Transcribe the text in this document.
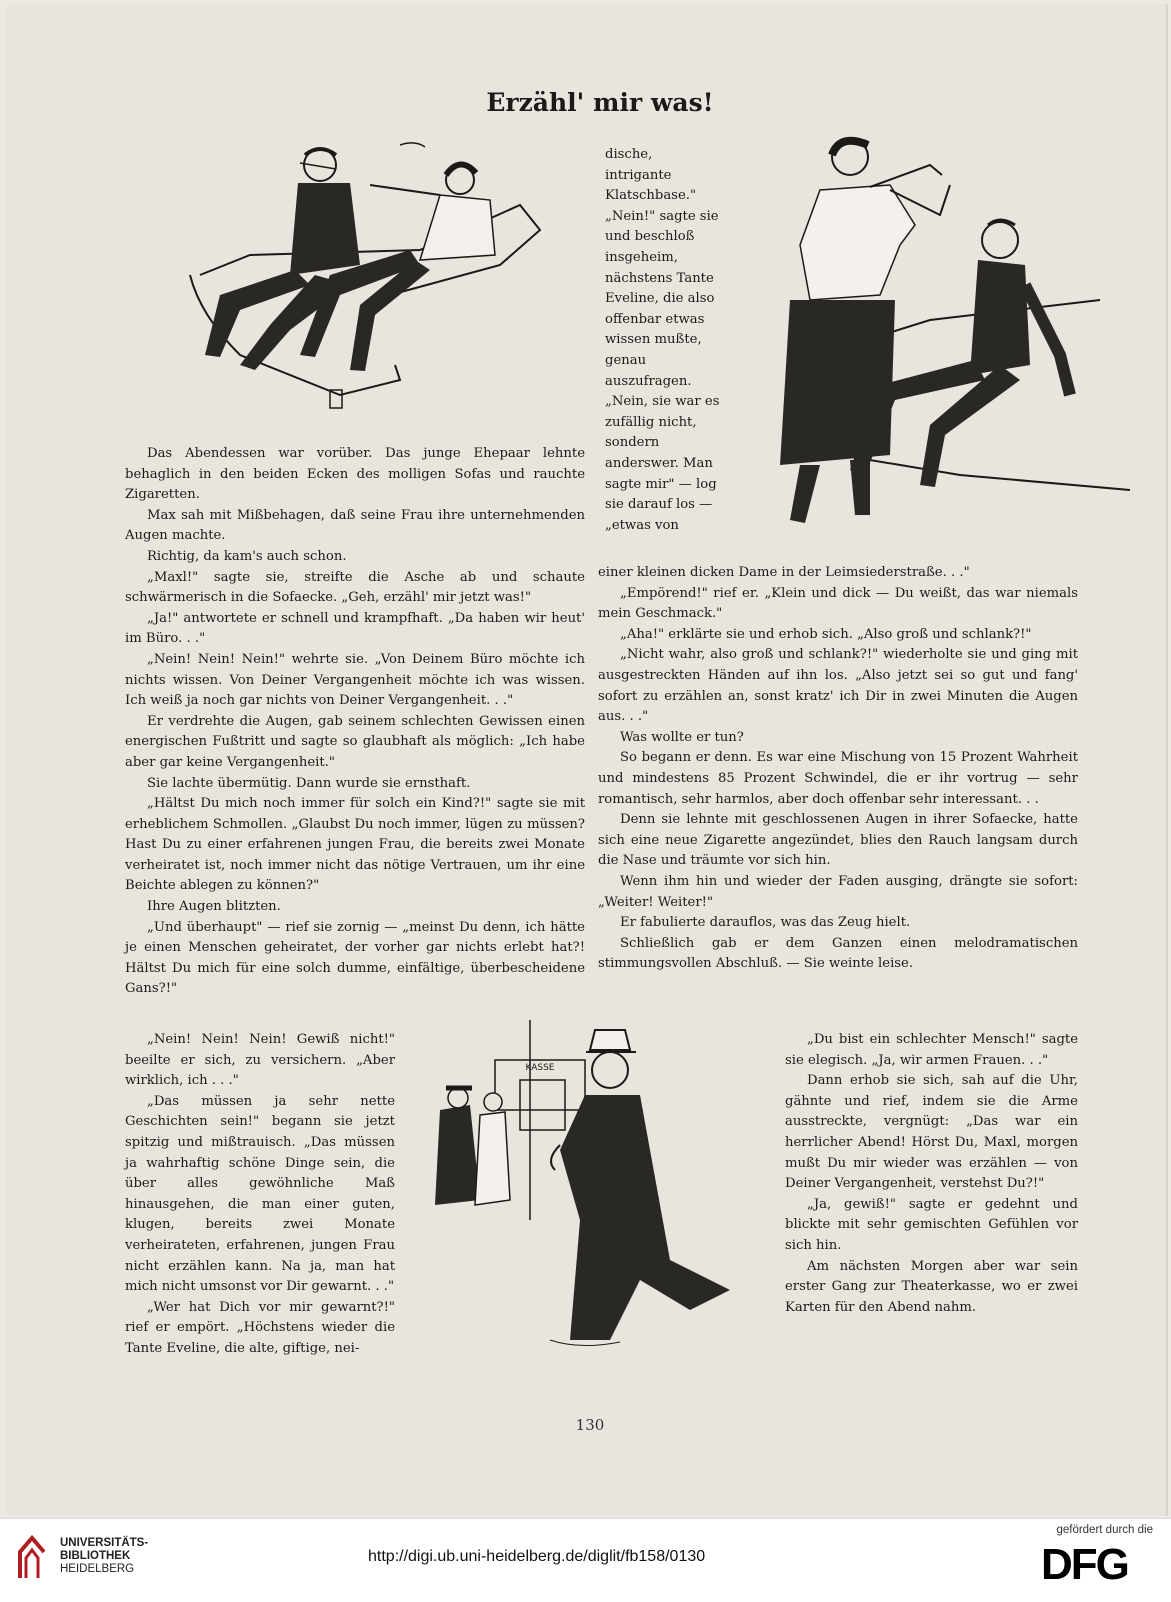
Erzähl' mir was!
KASSE

dische, intrigante Klatschbase." „Nein!" sagte sie und beschloß insgeheim, nächstens Tante Eveline, die also offenbar etwas wissen mußte, genau auszufragen. „Nein, sie war es zufällig nicht, sondern anderswer. Man sagte mir" — log sie darauf los — „etwas von

Das Abendessen war vorüber. Das junge Ehepaar lehnte behaglich in den beiden Ecken des molligen Sofas und rauchte Zigaretten.

Max sah mit Mißbehagen, daß seine Frau ihre unternehmenden Augen machte.

Richtig, da kam's auch schon.

„Maxl!" sagte sie, streifte die Asche ab und schaute schwärmerisch in die Sofaecke. „Geh, erzähl' mir jetzt was!"

„Ja!" antwortete er schnell und krampfhaft. „Da haben wir heut' im Büro. . ."

„Nein! Nein! Nein!" wehrte sie. „Von Deinem Büro möchte ich nichts wissen. Von Deiner Vergangenheit möchte ich was wissen. Ich weiß ja noch gar nichts von Deiner Vergangenheit. . ."

Er verdrehte die Augen, gab seinem schlechten Gewissen einen energischen Fußtritt und sagte so glaubhaft als möglich: „Ich habe aber gar keine Vergangenheit."

Sie lachte übermütig. Dann wurde sie ernsthaft.

„Hältst Du mich noch immer für solch ein Kind?!" sagte sie mit erheblichem Schmollen. „Glaubst Du noch immer, lügen zu müssen? Hast Du zu einer erfahrenen jungen Frau, die bereits zwei Monate verheiratet ist, noch immer nicht das nötige Vertrauen, um ihr eine Beichte ablegen zu können?"

Ihre Augen blitzten.

„Und überhaupt" — rief sie zornig — „meinst Du denn, ich hätte je einen Menschen geheiratet, der vorher gar nichts erlebt hat?! Hältst Du mich für eine solch dumme, einfältige, überbescheidene Gans?!"

einer kleinen dicken Dame in der Leimsiederstraße. . ."

„Empörend!" rief er. „Klein und dick — Du weißt, das war niemals mein Geschmack."

„Aha!" erklärte sie und erhob sich. „Also groß und schlank?!"

„Nicht wahr, also groß und schlank?!" wiederholte sie und ging mit ausgestreckten Händen auf ihn los. „Also jetzt sei so gut und fang' sofort zu erzählen an, sonst kratz' ich Dir in zwei Minuten die Augen aus. . ."

Was wollte er tun?

So begann er denn. Es war eine Mischung von 15 Prozent Wahrheit und mindestens 85 Prozent Schwindel, die er ihr vortrug — sehr romantisch, sehr harmlos, aber doch offenbar sehr interessant. . .

Denn sie lehnte mit geschlossenen Augen in ihrer Sofaecke, hatte sich eine neue Zigarette angezündet, blies den Rauch langsam durch die Nase und träumte vor sich hin.

Wenn ihm hin und wieder der Faden ausging, drängte sie sofort: „Weiter! Weiter!"

Er fabulierte darauflos, was das Zeug hielt.

Schließlich gab er dem Ganzen einen melodramatischen stimmungsvollen Abschluß. — Sie weinte leise.

„Nein! Nein! Nein! Gewiß nicht!" beeilte er sich, zu versichern. „Aber wirklich, ich . . ."

„Das müssen ja sehr nette Geschichten sein!" begann sie jetzt spitzig und mißtrauisch. „Das müssen ja wahrhaftig schöne Dinge sein, die über alles gewöhnliche Maß hinausgehen, die man einer guten, klugen, bereits zwei Monate verheirateten, erfahrenen, jungen Frau nicht erzählen kann. Na ja, man hat mich nicht umsonst vor Dir gewarnt. . ."

„Wer hat Dich vor mir gewarnt?!" rief er empört. „Höchstens wieder die Tante Eveline, die alte, giftige, nei-

„Du bist ein schlechter Mensch!" sagte sie elegisch. „Ja, wir armen Frauen. . ."

Dann erhob sie sich, sah auf die Uhr, gähnte und rief, indem sie die Arme ausstreckte, vergnügt: „Das war ein herrlicher Abend! Hörst Du, Maxl, morgen mußt Du mir wieder was erzählen — von Deiner Vergangenheit, verstehst Du?!"

„Ja, gewiß!" sagte er gedehnt und blickte mit sehr gemischten Gefühlen vor sich hin.

Am nächsten Morgen aber war sein erster Gang zur Theaterkasse, wo er zwei Karten für den Abend nahm.

130
UNIVERSITÄTS-
BIBLIOTHEK
HEIDELBERG
http://digi.ub.uni-heidelberg.de/diglit/fb158/0130
gefördert durch die
DFG
